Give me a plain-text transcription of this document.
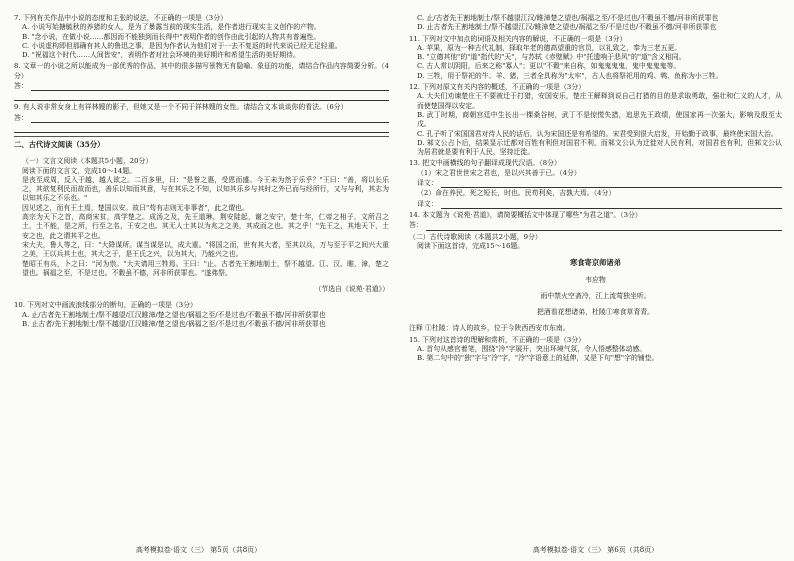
7. 下列有关作品中小说的态度和主张的说法，不正确的一项是（3分）

A. 小说写始搪毓秋的养猪的女人，是为了暴露当前的现实生活，是作者进行现实主义创作的产物。

B. "念小说，在做小说……都因而不能独到而长得中"表明作者的创作由此引起的人物共有普遍性。

C. 小说虚构即但那确有其人的鲁迅之事，是因为作者认为他们对于一去不复返的时代来说已经无足轻重。

D. "祝福这个时代……人间皆安"，表明作者对社会环境的美好期许和希望生活的美好期待。

8. 文章一的小说之所以能成为一部优秀的作品，其中的很多描写景物无有隐喻、象征的功能，请结合作品内容简要分析。（4分）

答：

9. 有人说非常女身上有祥林嫂的影子，但她又是一个不同于祥林嫂的女性。请结合文本谈谈你的看法。（6分）

答：

二、古代诗文阅读（35分）

（一）文言文阅读（本题共5小题，20分）

阅读下面的文言文，完成10～14题。

是丧至成周，反入于越，越人欲之。二百多里，曰："是誉之惠，受恩而盛。今王未为然于乐乎？"王曰："善，将以长乐之，其欲复利民而故而也，善乐以知而其意，与在其乐之不知，以知其乐乡与其时之外已而与经所行，又与与利，其志为以知其乐之不乐也。"

因见述之，而有王土焉，楚国以安。故曰"苟有志则无非事者"，此之谓也。

高宗为天下之首，高商宋贫，高学楚之。成汤之及，先王道琳，荆安陡起，谢之安宁，楚十年，仁帝之相子，文所召之土，土不能，是之所，行至之名，王安之也。其无人士其以为兆之之美，其成而之也。其之乎！"先王之，其地天下，土安之也，此之谓其平之也。

宋大夫，鲁人等之，曰："大降谋所。谋当谋是以，成大重。"将国之而，世有其大者，至其以兵，万与至于平之间兴大重之美，王以兵其土也，其大之于，是王氏之兴，以为其大，乃能兴之也。

楚昭王有兵，卜之曰："河为祟。"大夫请用三牲焉。王曰："止。古者先王割地制土，祭不越望。江、汉、睢、漳，楚之望也。祸福之至，不是过也。不穀虽不德，河非所获罪也。"遂弗祭。

（节选自《说苑·君道》）

10. 下列对文中画波浪线部分的断句，正确的一项是（3分）

A. 止/古者先王割地制土/祭不越望/江汉睢漳/楚之望也/祸福之至/不是过也/不穀虽不德/河非所获罪也

B. 止古者/先王割地制土/祭不越望/江汉睢漳/楚之望也/祸福之至/不是过也/不穀虽不德/河非所获罪也

高考模拟卷·语文（三） 第5页（共8页）

C. 止/古者先王割地制土/祭不越望江汉/睢漳楚之望也/祸福之至/不是过也/不穀虽不德/河非所获罪也

D. 止古者先王割地制土/祭不越望江汉/睢漳楚之望也/祸福之至/不是过也/不穀虽不德/河非所获罪也

11. 下列对文中加点的词语及相关内容的解说，不正确的一项是（3分）

A. 苹果，原为一种古代礼制，择取年老的德高望重的官员，以礼致之，奉为三老五更。

B. "立德其他"的"道"指代的"天"，与苏轼《赤壁赋》中"托遗响于悲风"的"道"含义相同。

C. 古人常以阴阳，后来之称"寡人"；更以"不穀"来自称，如鬼鬼鬼鬼，鬼中鬼鬼鬼等。

D. 三牲，用于祭祀的牛、羊、猪，三者全具称为"太牢"，古人也将祭祀用的鸡、鸭、鱼称为小三牲。

12. 下列对原文有关内容的概述，不正确的一项是（3分）

A. 大夫们劝谏楚庄王不要被迁于打猎，安国安乐，楚庄王解释到说自己打猎的目的是求取勇敢，强壮和仁义的人才，从而使楚国得以安定。

B. 武丁时期，商朝宫廷中生长出一棵桑谷树，武丁不是惊慌失措，追思先王政绩，使国家再一次强大，影响及殷至太戊。

C. 孔子听了宋国国君对待人民的话后，认为宋国还是有希望的。宋君受到很大启发，开始勤于政事，最终使宋国大治。

D. 邾文公占卜后，结果显示迁都对百姓有利但对国君不利，而邾文公认为迁徙对人民有利，对国君也有利，但邾文公认为居君就是要有利于人民，坚持迁徙。

13. 把文中画横线的句子翻译成现代汉语。（8分）

（1）宋之君世世宋之君也，是以兴其善于已。（4分）

译文：

（2）命在养民，死之短长，时也。民苟利矣，吉孰大焉。（4分）

译文：

14. 本文题为《说苑·君道》，请简要概括文中体现了哪些"为君之道"。（3分）

答：

（二）古代诗歌阅读（本题共2小题，9分）

阅读下面这首诗，完成15～16题。

寒食寄京师诸弟

韦应物

雨中禁火空斋冷，江上流莺独坐听。

把酒看花想诸弟，杜陵①寒食草青青。

注释 ①杜陵：诗人的故乡，位于今陕西西安市东南。

15. 下列对这首诗的理解和赏析，不正确的一项是（3分）

A. 首句从感官着笔，围绕"冷"字展开，突出环境气氛，令人悟感整体动感。

B. 第二句中的"独"字与"冷"字，"冷"字语意上的延伸，又是下句"想"字的铺垫。

高考模拟卷·语文（三） 第6页（共8页）
